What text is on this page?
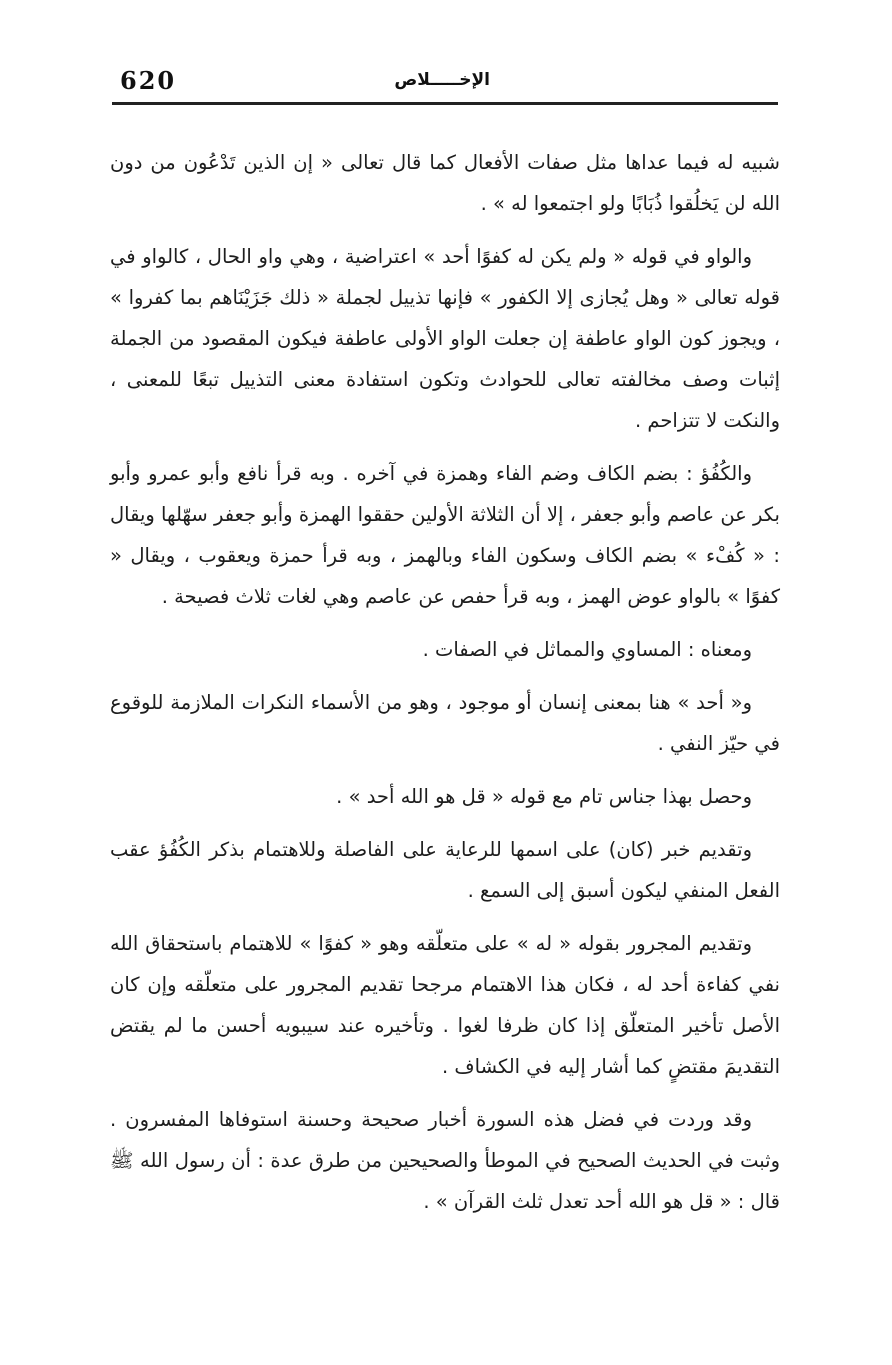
620	الإخـــــلاص

شبيه له فيما عداها مثل صفات الأفعال كما قال تعالى « إن الذين تَدْعُون من دون الله لن يَخلُقوا ذُبَابًا ولو اجتمعوا له » .

والواو في قوله « ولم يكن له كفوًا أحد » اعتراضية ، وهي واو الحال ، كالواو في قوله تعالى « وهل يُجازى إلا الكفور » فإنها تذييل لجملة « ذلك جَزَيْنَاهم بما كفروا » ، ويجوز كون الواو عاطفة إن جعلت الواو الأولى عاطفة فيكون المقصود من الجملة إثبات وصف مخالفته تعالى للحوادث وتكون استفادة معنى التذييل تبعًا للمعنى ، والنكت لا تتزاحم .

والكُفُؤ : بضم الكاف وضم الفاء وهمزة في آخره . وبه قرأ نافع وأبو عمرو وأبو بكر عن عاصم وأبو جعفر ، إلا أن الثلاثة الأولين حققوا الهمزة وأبو جعفر سهّلها ويقال : « كُفْء » بضم الكاف وسكون الفاء وبالهمز ، وبه قرأ حمزة ويعقوب ، ويقال « كفوًا » بالواو عوض الهمز ، وبه قرأ حفص عن عاصم وهي لغات ثلاث فصيحة .

ومعناه : المساوي والمماثل في الصفات .

و« أحد » هنا بمعنى إنسان أو موجود ، وهو من الأسماء النكرات الملازمة للوقوع في حيّز النفي .

وحصل بهذا جناس تام مع قوله « قل هو الله أحد » .

وتقديم خبر (كان) على اسمها للرعاية على الفاصلة وللاهتمام بذكر الكُفُؤ عقب الفعل المنفي ليكون أسبق إلى السمع .

وتقديم المجرور بقوله « له » على متعلّقه وهو « كفوًا » للاهتمام باستحقاق الله نفي كفاءة أحد له ، فكان هذا الاهتمام مرجحا تقديم المجرور على متعلّقه وإن كان الأصل تأخير المتعلّق إذا كان ظرفا لغوا . وتأخيره عند سيبويه أحسن ما لم يقتض التقديمَ مقتضٍ كما أشار إليه في الكشاف .

وقد وردت في فضل هذه السورة أخبار صحيحة وحسنة استوفاها المفسرون . وثبت في الحديث الصحيح في الموطأ والصحيحين من طرق عدة : أن رسول الله ﷺ قال : « قل هو الله أحد تعدل ثلث القرآن » .
